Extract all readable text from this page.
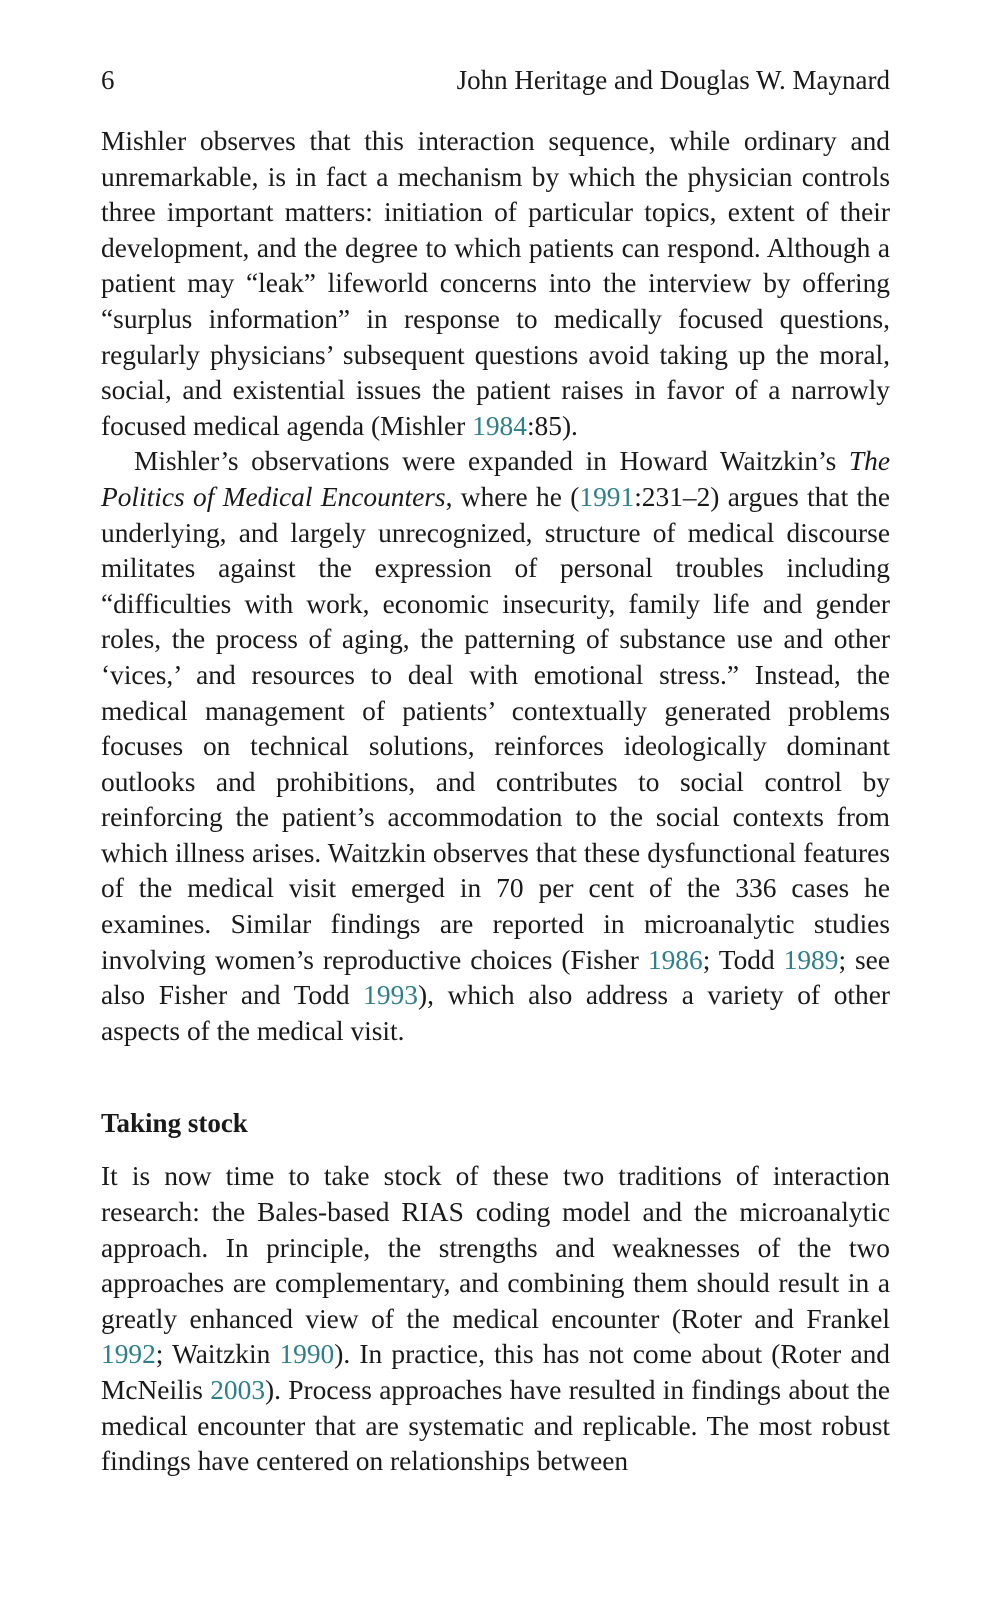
6	John Heritage and Douglas W. Maynard

Mishler observes that this interaction sequence, while ordinary and unremarkable, is in fact a mechanism by which the physician controls three important matters: initiation of particular topics, extent of their development, and the degree to which patients can respond. Although a patient may “leak” lifeworld concerns into the interview by offering “surplus information” in response to medically focused questions, regularly physicians’ subsequent questions avoid taking up the moral, social, and existential issues the patient raises in favor of a narrowly focused medical agenda (Mishler 1984:85).

Mishler’s observations were expanded in Howard Waitzkin’s The Politics of Medical Encounters, where he (1991:231–2) argues that the underlying, and largely unrecognized, structure of medical discourse militates against the expression of personal troubles including “difficulties with work, economic insecurity, family life and gender roles, the process of aging, the patterning of substance use and other ‘vices,’ and resources to deal with emotional stress.” Instead, the medical management of patients’ contextually generated problems focuses on technical solutions, reinforces ideologically dominant outlooks and prohibitions, and contributes to social control by reinforcing the patient’s accommodation to the social contexts from which illness arises. Waitzkin observes that these dysfunctional features of the medical visit emerged in 70 per cent of the 336 cases he examines. Similar findings are reported in microanalytic studies involving women’s reproductive choices (Fisher 1986; Todd 1989; see also Fisher and Todd 1993), which also address a variety of other aspects of the medical visit.

Taking stock

It is now time to take stock of these two traditions of interaction research: the Bales-based RIAS coding model and the microanalytic approach. In principle, the strengths and weaknesses of the two approaches are complementary, and combining them should result in a greatly enhanced view of the medical encounter (Roter and Frankel 1992; Waitzkin 1990). In practice, this has not come about (Roter and McNeilis 2003). Process approaches have resulted in findings about the medical encounter that are systematic and replicable. The most robust findings have centered on relationships between
